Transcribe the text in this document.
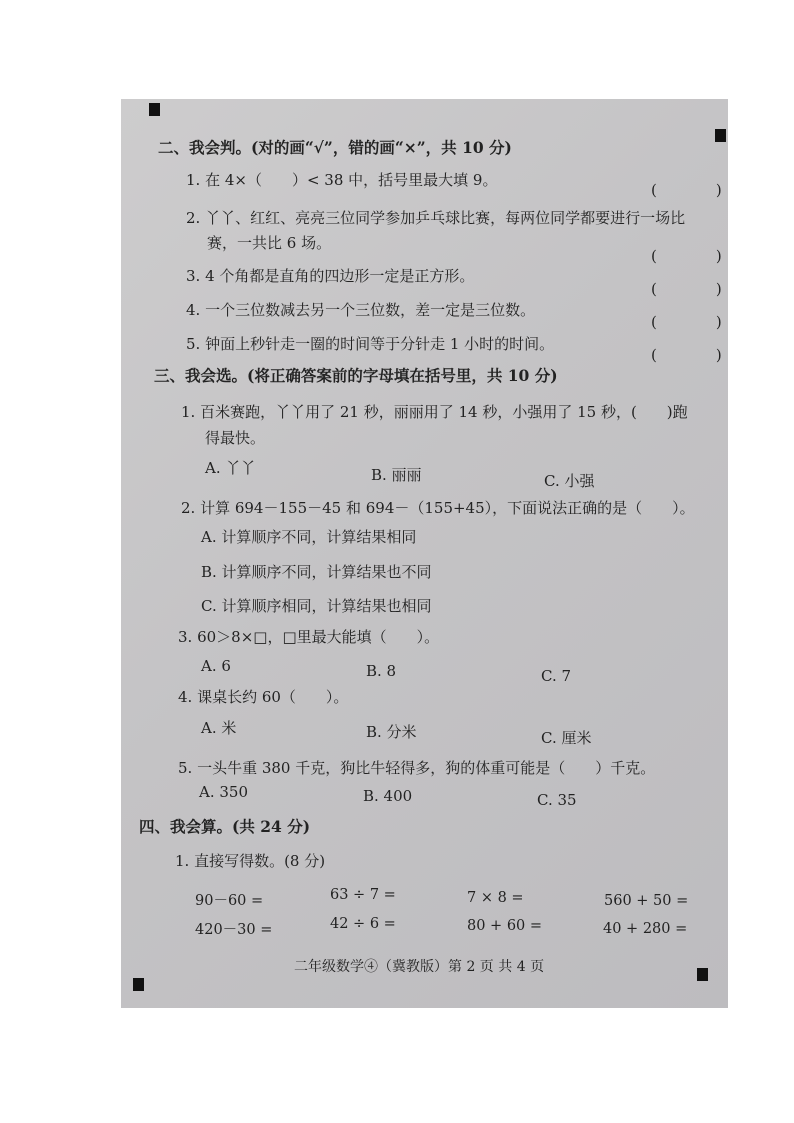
二、我会判。(对的画“√”，错的画“×”，共 10 分)
1. 在 4×（　　）< 38 中，括号里最大填 9。
(　)
2. 丫丫、红红、亮亮三位同学参加乒乓球比赛，每两位同学都要进行一场比
赛，一共比 6 场。
(　)
3. 4 个角都是直角的四边形一定是正方形。
(　)
4. 一个三位数减去另一个三位数，差一定是三位数。
(　)
5. 钟面上秒针走一圈的时间等于分针走 1 小时的时间。
(　)
三、我会选。(将正确答案前的字母填在括号里，共 10 分)
1. 百米赛跑，丫丫用了 21 秒，丽丽用了 14 秒，小强用了 15 秒，(　　)跑
得最快。
A. 丫丫	B. 丽丽	C. 小强
2. 计算 694－155－45 和 694－（155+45），下面说法正确的是（　　）。
A. 计算顺序不同，计算结果相同
B. 计算顺序不同，计算结果也不同
C. 计算顺序相同，计算结果也相同
3. 60＞8×□，□里最大能填（　　）。
A. 6	B. 8	C. 7
4. 课桌长约 60（　　）。
A. 米	B. 分米	C. 厘米
5. 一头牛重 380 千克，狗比牛轻得多，狗的体重可能是（　　）千克。
A. 350	B. 400	C. 35
四、我会算。(共 24 分)
1. 直接写得数。(8 分)
90－60 =	63 ÷ 7 =	7 × 8 =	560 + 50 =
420－30 =	42 ÷ 6 =	80 + 60 =	40 + 280 =
二年级数学④（冀教版）第 2 页 共 4 页
